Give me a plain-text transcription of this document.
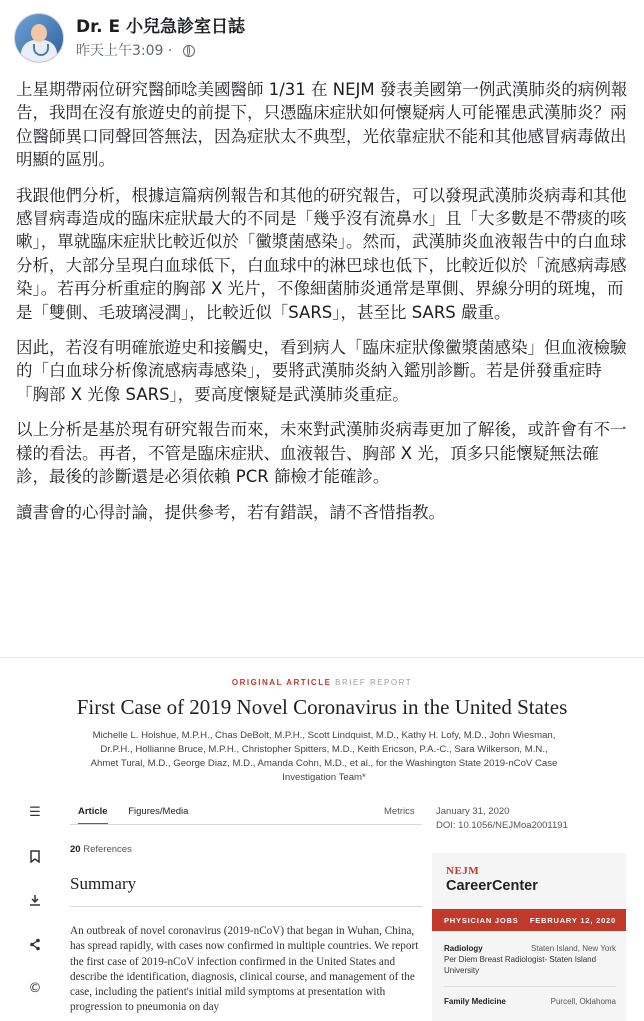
Dr. E 小兒急診室日誌
昨天上午3:09 ·

上星期帶兩位研究醫師唸美國醫師 1/31 在 NEJM 發表美國第一例武漢肺炎的病例報告，我問在沒有旅遊史的前提下，只憑臨床症狀如何懷疑病人可能罹患武漢肺炎？兩位醫師異口同聲回答無法，因為症狀太不典型，光依靠症狀不能和其他感冒病毒做出明顯的區別。

我跟他們分析，根據這篇病例報告和其他的研究報告，可以發現武漢肺炎病毒和其他感冒病毒造成的臨床症狀最大的不同是「幾乎沒有流鼻水」且「大多數是不帶痰的咳嗽」，單就臨床症狀比較近似於「黴漿菌感染」。然而，武漢肺炎血液報告中的白血球分析，大部分呈現白血球低下，白血球中的淋巴球也低下，比較近似於「流感病毒感染」。若再分析重症的胸部 X 光片，不像細菌肺炎通常是單側、界線分明的斑塊，而是「雙側、毛玻璃浸潤」，比較近似「SARS」，甚至比 SARS 嚴重。

因此，若沒有明確旅遊史和接觸史，看到病人「臨床症狀像黴漿菌感染」但血液檢驗的「白血球分析像流感病毒感染」，要將武漢肺炎納入鑑別診斷。若是併發重症時「胸部 X 光像 SARS」，要高度懷疑是武漢肺炎重症。

以上分析是基於現有研究報告而來，未來對武漢肺炎病毒更加了解後，或許會有不一樣的看法。再者，不管是臨床症狀、血液報告、胸部 X 光，頂多只能懷疑無法確診，最後的診斷還是必須依賴 PCR 篩檢才能確診。

讀書會的心得討論，提供參考，若有錯誤，請不吝惜指教。

ORIGINAL ARTICLE BRIEF REPORT
First Case of 2019 Novel Coronavirus in the United States
Michelle L. Holshue, M.P.H., Chas DeBolt, M.P.H., Scott Lindquist, M.D., Kathy H. Lofy, M.D., John Wiesman, Dr.P.H., Hollianne Bruce, M.P.H., Christopher Spitters, M.D., Keith Ericson, P.A.-C., Sara Wilkerson, M.N., Ahmet Tural, M.D., George Diaz, M.D., Amanda Cohn, M.D., et al., for the Washington State 2019-nCoV Case Investigation Team*
☰
©
Article Figures/Media	Metrics January 31, 2020
DOI: 10.1056/NEJMoa2001191
20 References
Summary
An outbreak of novel coronavirus (2019-nCoV) that began in Wuhan, China, has spread rapidly, with cases now confirmed in multiple countries. We report the first case of 2019-nCoV infection confirmed in the United States and describe the identification, diagnosis, clinical course, and management of the case, including the patient's initial mild symptoms at presentation with progression to pneumonia on day
NEJM
CareerCenter
PHYSICIAN JOBS FEBRUARY 12, 2020
Radiology	Staten Island, New York
Per Diem Breast Radiologist- Staten Island University
Family Medicine	Purcell, Oklahoma
